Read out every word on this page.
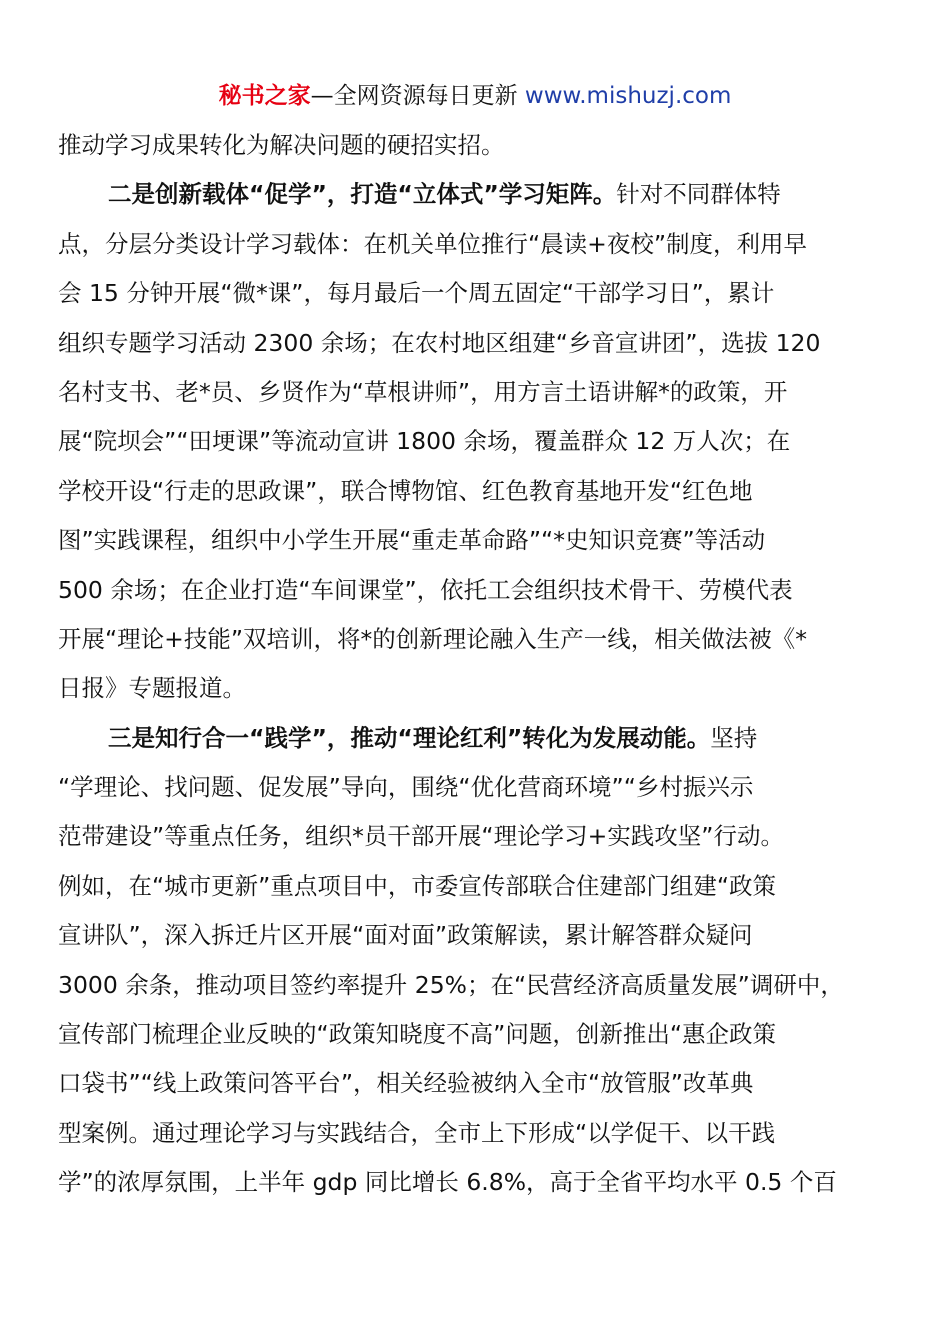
秘书之家—全网资源每日更新 www.mishuzj.com
推动学习成果转化为解决问题的硬招实招。
二是创新载体“促学”，打造“立体式”学习矩阵。针对不同群体特
点，分层分类设计学习载体：在机关单位推行“晨读+夜校”制度，利用早
会 15 分钟开展“微*课”，每月最后一个周五固定“干部学习日”，累计
组织专题学习活动 2300 余场；在农村地区组建“乡音宣讲团”，选拔 120
名村支书、老*员、乡贤作为“草根讲师”，用方言土语讲解*的政策，开
展“院坝会”“田埂课”等流动宣讲 1800 余场，覆盖群众 12 万人次；在
学校开设“行走的思政课”，联合博物馆、红色教育基地开发“红色地
图”实践课程，组织中小学生开展“重走革命路”“*史知识竞赛”等活动
500 余场；在企业打造“车间课堂”，依托工会组织技术骨干、劳模代表
开展“理论+技能”双培训，将*的创新理论融入生产一线，相关做法被《*
日报》专题报道。
三是知行合一“践学”，推动“理论红利”转化为发展动能。坚持
“学理论、找问题、促发展”导向，围绕“优化营商环境”“乡村振兴示
范带建设”等重点任务，组织*员干部开展“理论学习+实践攻坚”行动。
例如，在“城市更新”重点项目中，市委宣传部联合住建部门组建“政策
宣讲队”，深入拆迁片区开展“面对面”政策解读，累计解答群众疑问
3000 余条，推动项目签约率提升 25%；在“民营经济高质量发展”调研中，
宣传部门梳理企业反映的“政策知晓度不高”问题，创新推出“惠企政策
口袋书”“线上政策问答平台”，相关经验被纳入全市“放管服”改革典
型案例。通过理论学习与实践结合，全市上下形成“以学促干、以干践
学”的浓厚氛围，上半年 gdp 同比增长 6.8%，高于全省平均水平 0.5 个百
